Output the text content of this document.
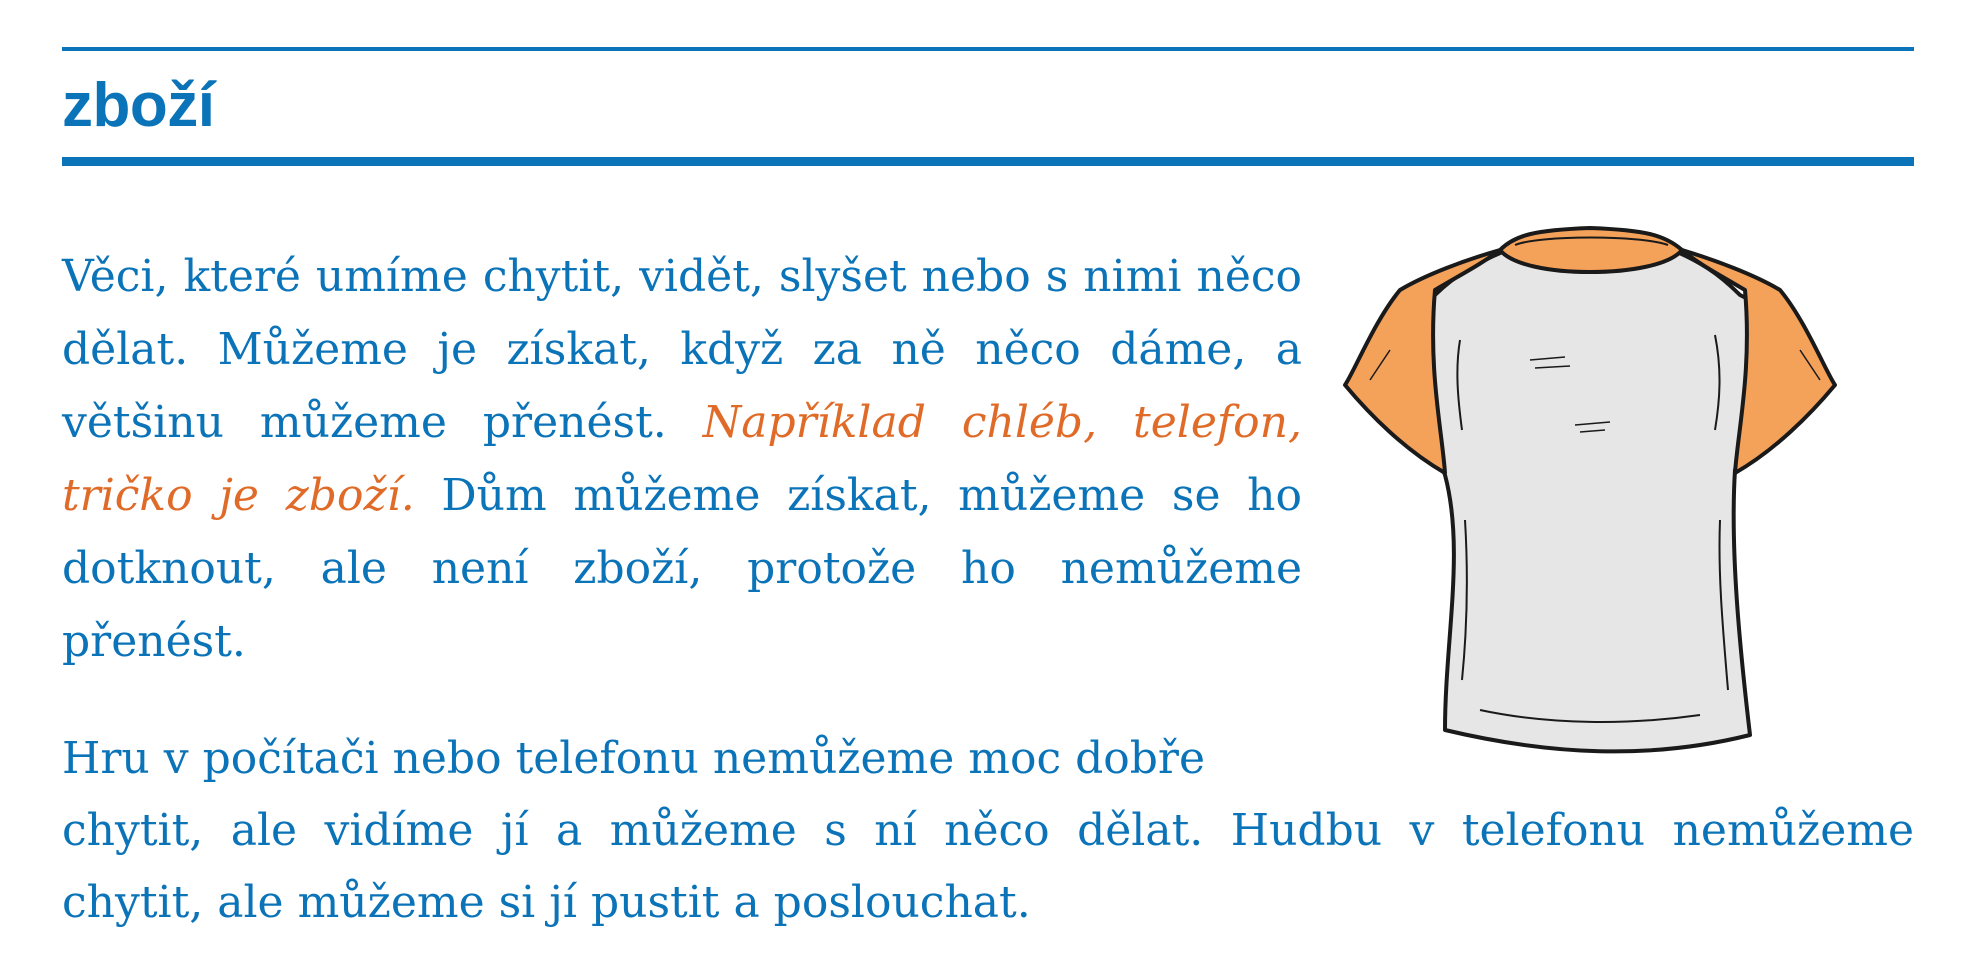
zboží
Věci, které umíme chytit, vidět, slyšet nebo s nimi něco dělat. Můžeme je získat, když za ně něco dáme, a většinu můžeme přenést. Například chléb, telefon, tričko je zboží. Dům můžeme získat, můžeme se ho dotknout, ale není zboží, protože ho nemůžeme přenést.
Hru v počítači nebo telefonu nemůžeme moc dobře
chytit, ale vidíme jí a můžeme s ní něco dělat. Hudbu v telefonu nemůžeme
chytit, ale můžeme si jí pustit a poslouchat.
